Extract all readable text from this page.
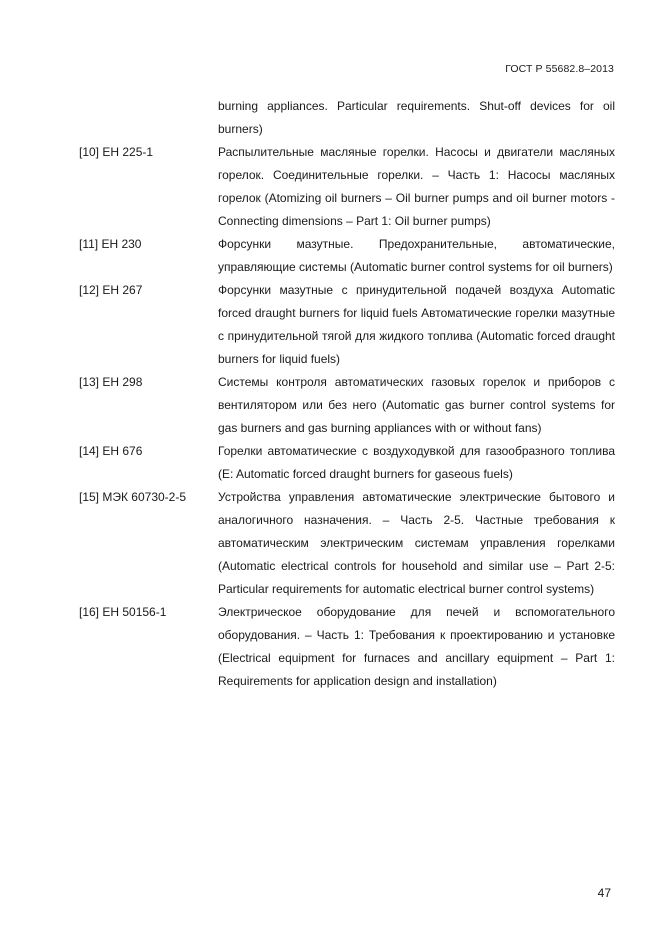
ГОСТ Р 55682.8–2013
burning appliances. Particular requirements. Shut-off devices for oil burners)
[10] EH 225-1	Распылительные масляные горелки. Насосы и двигатели масляных горелок. Соединительные горелки. – Часть 1: Насосы масляных горелок (Atomizing oil burners – Oil burner pumps and oil burner motors - Connecting dimensions – Part 1: Oil burner pumps)
[11] EH 230	Форсунки мазутные. Предохранительные, автоматические, управляющие системы (Automatic burner control systems for oil burners)
[12] EH 267	Форсунки мазутные с принудительной подачей воздуха Automatic forced draught burners for liquid fuels Автоматические горелки мазутные с принудительной тягой для жидкого топлива (Automatic forced draught burners for liquid fuels)
[13] EH 298	Системы контроля автоматических газовых горелок и приборов с вентилятором или без него (Automatic gas burner control systems for gas burners and gas burning appliances with or without fans)
[14] EH 676	Горелки автоматические с воздуходувкой для газообразного топлива (E: Automatic forced draught burners for gaseous fuels)
[15] МЭК 60730-2-5	Устройства управления автоматические электрические бытового и аналогичного назначения. – Часть 2-5. Частные требования к автоматическим электрическим системам управления горелками (Automatic electrical controls for household and similar use – Part 2-5: Particular requirements for automatic electrical burner control systems)
[16] EH 50156-1	Электрическое оборудование для печей и вспомогательного оборудования. – Часть 1: Требования к проектированию и установке (Electrical equipment for furnaces and ancillary equipment – Part 1: Requirements for application design and installation)
47
